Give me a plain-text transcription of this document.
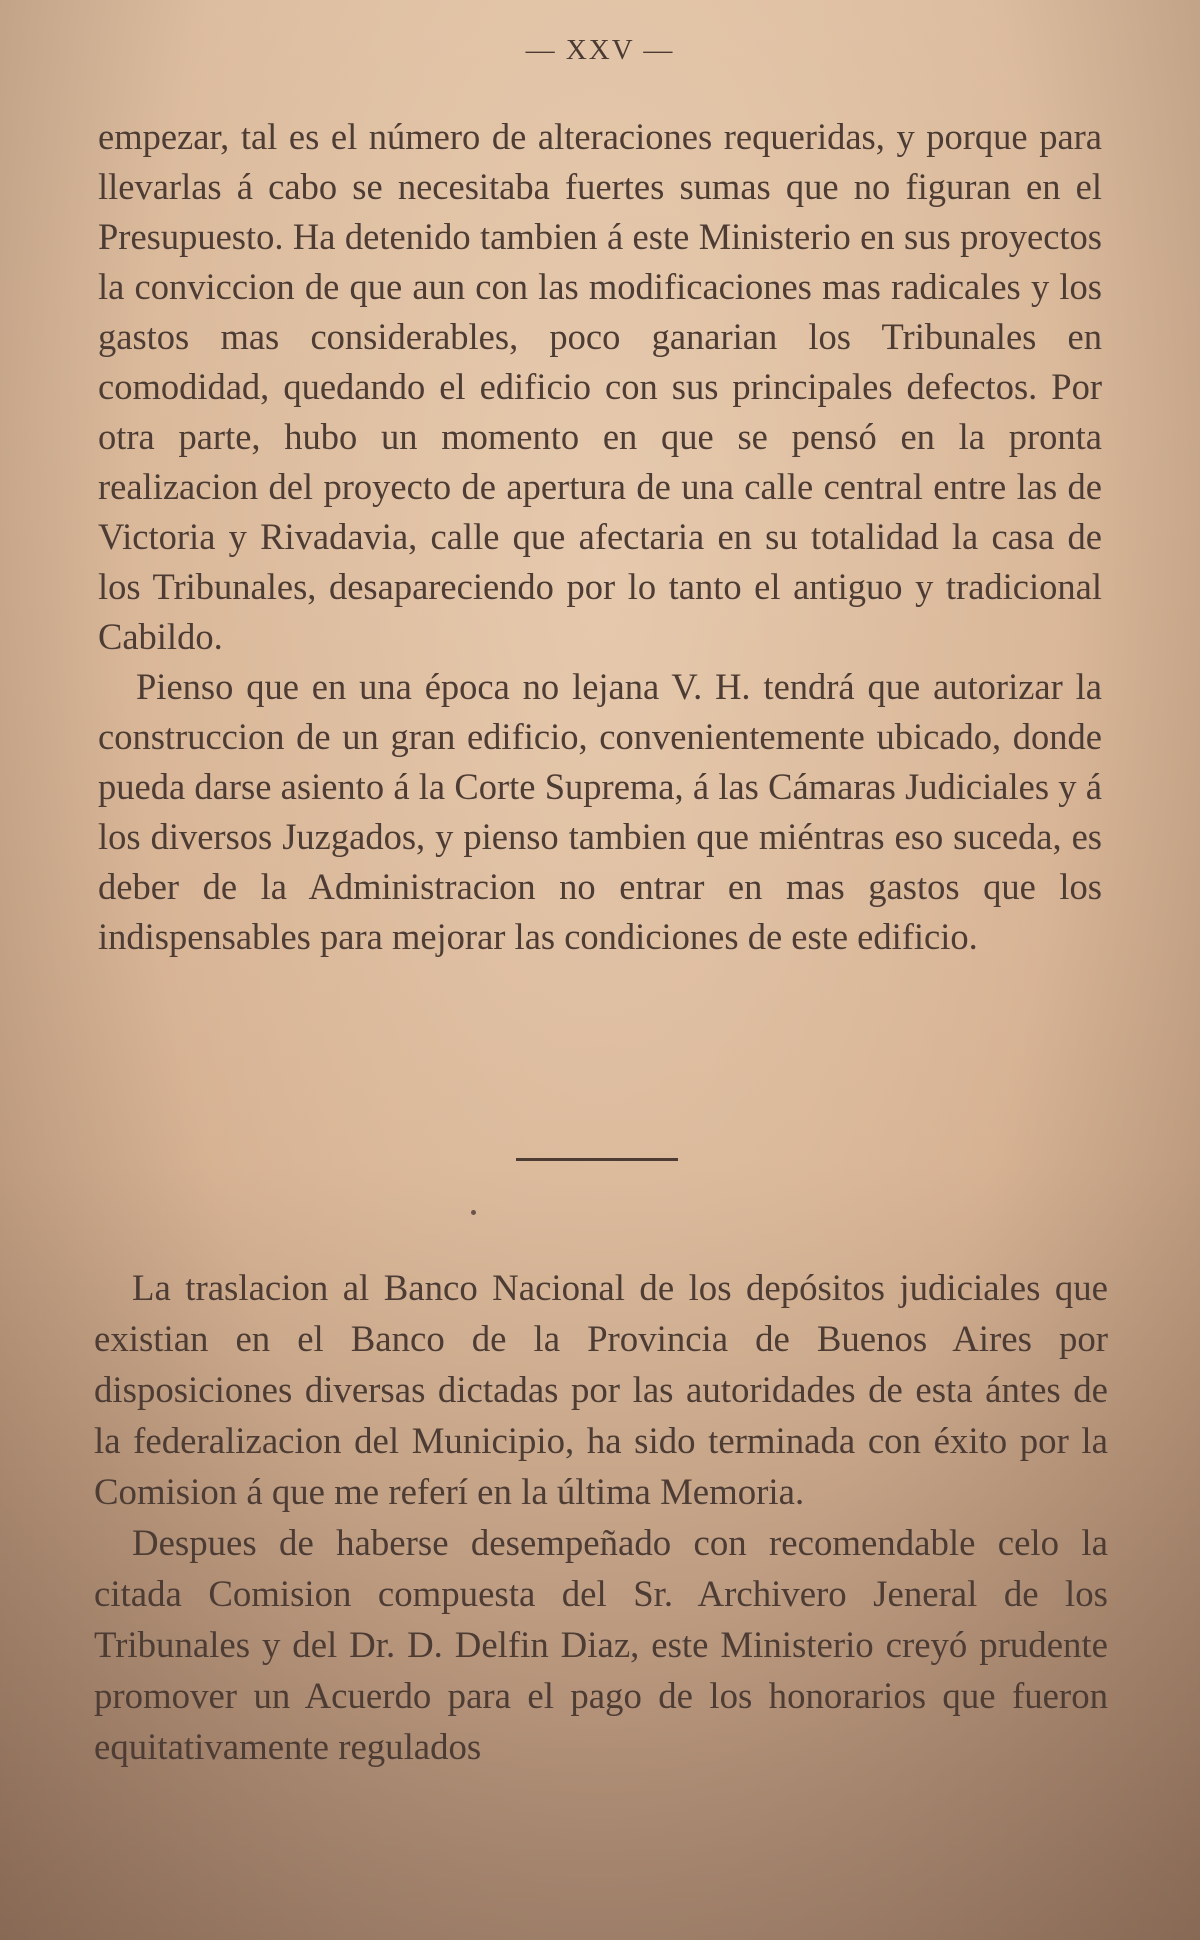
— XXV —

empezar, tal es el número de alteraciones requeridas, y porque para llevarlas á cabo se necesitaba fuertes sumas que no figuran en el Presupuesto. Ha detenido tambien á este Ministerio en sus proyectos la conviccion de que aun con las modificaciones mas radicales y los gastos mas considerables, poco ganarian los Tribunales en comodidad, quedando el edificio con sus principales defectos. Por otra parte, hubo un momento en que se pensó en la pronta realizacion del proyecto de apertura de una calle central entre las de Victoria y Rivadavia, calle que afectaria en su totalidad la casa de los Tribunales, desapareciendo por lo tanto el antiguo y tradicional Cabildo.

Pienso que en una época no lejana V. H. tendrá que autorizar la construccion de un gran edificio, convenientemente ubicado, donde pueda darse asiento á la Corte Suprema, á las Cámaras Judiciales y á los diversos Juzgados, y pienso tambien que miéntras eso suceda, es deber de la Administracion no entrar en mas gastos que los indispensables para mejorar las condiciones de este edificio.

La traslacion al Banco Nacional de los depósitos judiciales que existian en el Banco de la Provincia de Buenos Aires por disposiciones diversas dictadas por las autoridades de esta ántes de la federalizacion del Municipio, ha sido terminada con éxito por la Comision á que me referí en la última Memoria.

Despues de haberse desempeñado con recomendable celo la citada Comision compuesta del Sr. Archivero Jeneral de los Tribunales y del Dr. D. Delfin Diaz, este Ministerio creyó prudente promover un Acuerdo para el pago de los honorarios que fueron equitativamente regulados
